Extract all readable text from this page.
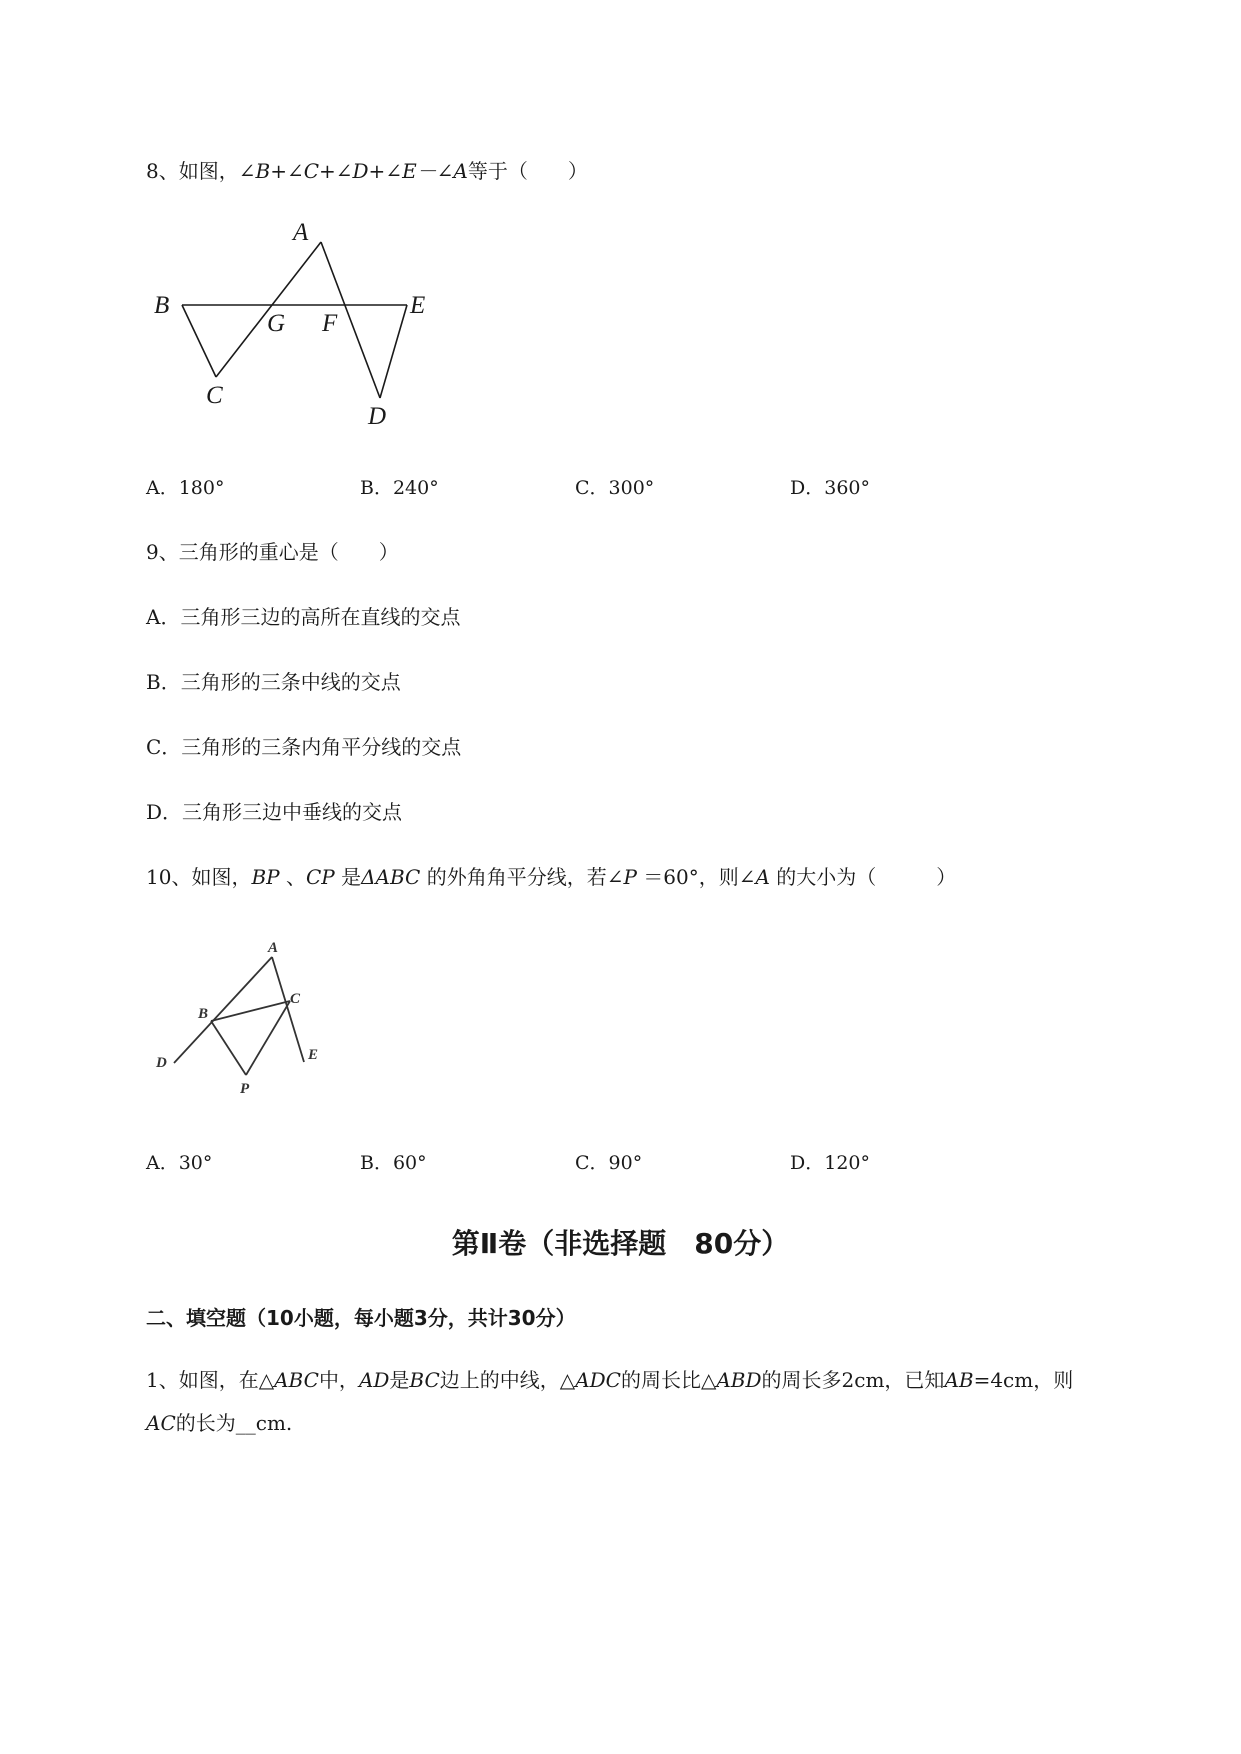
8、如图，∠B+∠C+∠D+∠E－∠A等于（　　）
A
B
C
D
E
F
G
A．180°	B．240°	C．300°	D．360°
9、三角形的重心是（　　）
A．三角形三边的高所在直线的交点
B．三角形的三条中线的交点
C．三角形的三条内角平分线的交点
D．三角形三边中垂线的交点
10、如图，BP 、CP 是ΔABC 的外角角平分线，若∠P ＝60°，则∠A 的大小为（　　　）
A
B
C
D	E
P
A．30°	B．60°	C．90°	D．120°
第Ⅱ卷（非选择题　80分）
二、填空题（10小题，每小题3分，共计30分）
1、如图，在△ABC中，AD是BC边上的中线，△ADC的周长比△ABD的周长多2cm，已知AB=4cm，则
AC的长为__cm.
